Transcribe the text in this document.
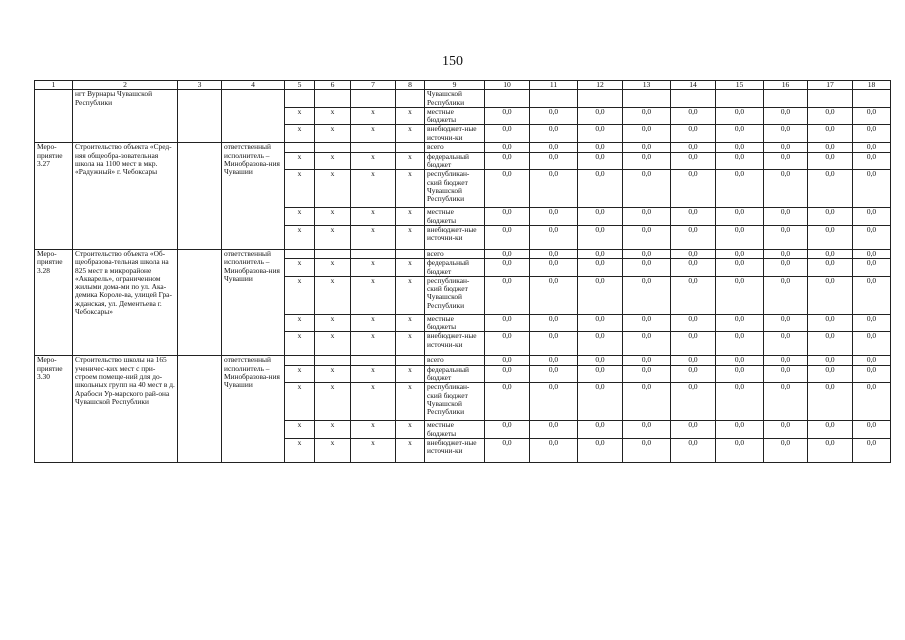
150
1	2	3	4	5	6	7	8	9	10	11	12	13	14	15	16	17	18
	нгт Вурнары Чувашской Республики							Чувашской Республики									
				x	x	x	x	местные бюджеты	0,0	0,0	0,0	0,0	0,0	0,0	0,0	0,0	0,0
				x	x	x	x	внебюджет-ные источни-ки	0,0	0,0	0,0	0,0	0,0	0,0	0,0	0,0	0,0
Меро-приятие 3.27	Строительство объекта «Сред-няя общеобра-зовательная школа на 1100 мест в мкр. «Радужный» г. Чебоксары		ответственный исполнитель – Минобразова-ния Чувашии					всего	0,0	0,0	0,0	0,0	0,0	0,0	0,0	0,0	0,0
				x	x	x	x	федеральный бюджет	0,0	0,0	0,0	0,0	0,0	0,0	0,0	0,0	0,0
				x	x	x	x	республикан-ский бюджет Чувашской Республики	0,0	0,0	0,0	0,0	0,0	0,0	0,0	0,0	0,0
				x	x	x	x	местные бюджеты	0,0	0,0	0,0	0,0	0,0	0,0	0,0	0,0	0,0
				x	x	x	x	внебюджет-ные источни-ки	0,0	0,0	0,0	0,0	0,0	0,0	0,0	0,0	0,0
Меро-приятие 3.28	Строительство объекта «Об-щеобразова-тельная школа на 825 мест в микрорайоне «Акварель», ограниченном жилыми дома-ми по ул. Ака-демика Короле-ва, улицей Гра-жданская, ул. Дементьева г. Чебоксары»		ответственный исполнитель – Минобразова-ния Чувашии					всего	0,0	0,0	0,0	0,0	0,0	0,0	0,0	0,0	0,0
				x	x	x	x	федеральный бюджет	0,0	0,0	0,0	0,0	0,0	0,0	0,0	0,0	0,0
				x	x	x	x	республикан-ский бюджет Чувашской Республики	0,0	0,0	0,0	0,0	0,0	0,0	0,0	0,0	0,0
				x	x	x	x	местные бюджеты	0,0	0,0	0,0	0,0	0,0	0,0	0,0	0,0	0,0
				x	x	x	x	внебюджет-ные источни-ки	0,0	0,0	0,0	0,0	0,0	0,0	0,0	0,0	0,0
Меро-приятие 3.30	Строительство школы на 165 ученичес-ких мест с при-строем помеще-ний для до-школьных групп на 40 мест в д. Арабоси Ур-марского рай-она Чувашской Республики		ответственный исполнитель – Минобразова-ния Чувашии					всего	0,0	0,0	0,0	0,0	0,0	0,0	0,0	0,0	0,0
				x	x	x	x	федеральный бюджет	0,0	0,0	0,0	0,0	0,0	0,0	0,0	0,0	0,0
				x	x	x	x	республикан-ский бюджет Чувашской Республики	0,0	0,0	0,0	0,0	0,0	0,0	0,0	0,0	0,0
				x	x	x	x	местные бюджеты	0,0	0,0	0,0	0,0	0,0	0,0	0,0	0,0	0,0
				x	x	x	x	внебюджет-ные источни-ки	0,0	0,0	0,0	0,0	0,0	0,0	0,0	0,0	0,0
